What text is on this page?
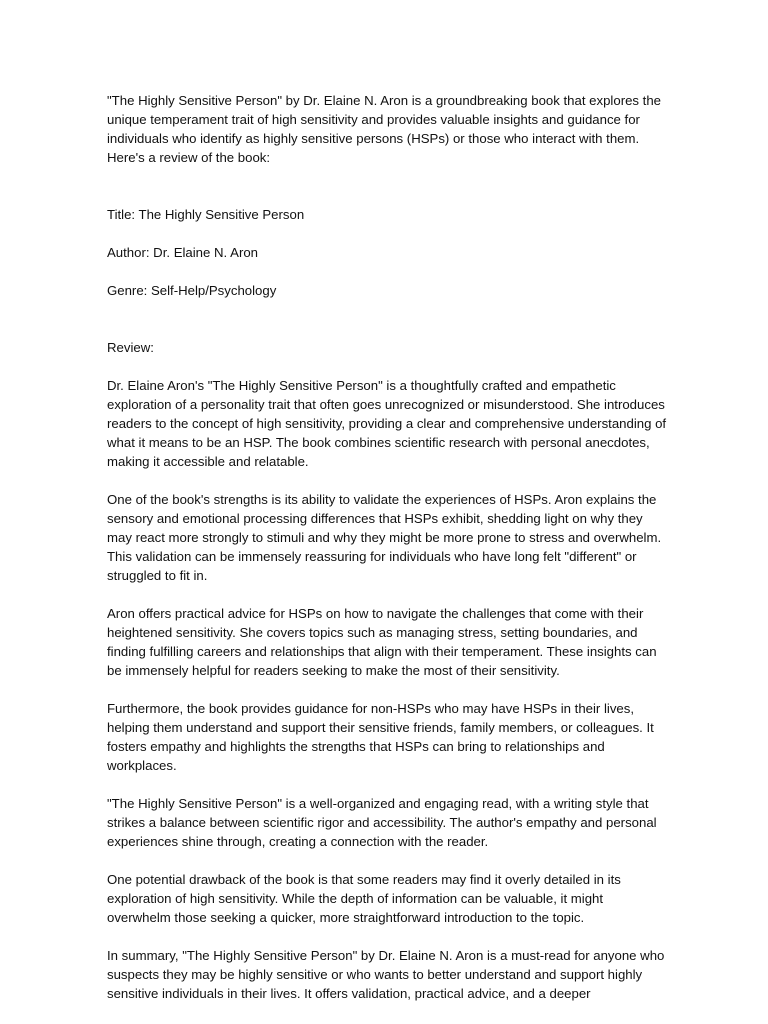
"The Highly Sensitive Person" by Dr. Elaine N. Aron is a groundbreaking book that explores the unique temperament trait of high sensitivity and provides valuable insights and guidance for individuals who identify as highly sensitive persons (HSPs) or those who interact with them. Here's a review of the book:

Title: The Highly Sensitive Person

Author: Dr. Elaine N. Aron

Genre: Self-Help/Psychology

Review:

Dr. Elaine Aron's "The Highly Sensitive Person" is a thoughtfully crafted and empathetic exploration of a personality trait that often goes unrecognized or misunderstood. She introduces readers to the concept of high sensitivity, providing a clear and comprehensive understanding of what it means to be an HSP. The book combines scientific research with personal anecdotes, making it accessible and relatable.

One of the book's strengths is its ability to validate the experiences of HSPs. Aron explains the sensory and emotional processing differences that HSPs exhibit, shedding light on why they may react more strongly to stimuli and why they might be more prone to stress and overwhelm. This validation can be immensely reassuring for individuals who have long felt "different" or struggled to fit in.

Aron offers practical advice for HSPs on how to navigate the challenges that come with their heightened sensitivity. She covers topics such as managing stress, setting boundaries, and finding fulfilling careers and relationships that align with their temperament. These insights can be immensely helpful for readers seeking to make the most of their sensitivity.

Furthermore, the book provides guidance for non-HSPs who may have HSPs in their lives, helping them understand and support their sensitive friends, family members, or colleagues. It fosters empathy and highlights the strengths that HSPs can bring to relationships and workplaces.

"The Highly Sensitive Person" is a well-organized and engaging read, with a writing style that strikes a balance between scientific rigor and accessibility. The author's empathy and personal experiences shine through, creating a connection with the reader.

One potential drawback of the book is that some readers may find it overly detailed in its exploration of high sensitivity. While the depth of information can be valuable, it might overwhelm those seeking a quicker, more straightforward introduction to the topic.

In summary, "The Highly Sensitive Person" by Dr. Elaine N. Aron is a must-read for anyone who suspects they may be highly sensitive or who wants to better understand and support highly sensitive individuals in their lives. It offers validation, practical advice, and a deeper
